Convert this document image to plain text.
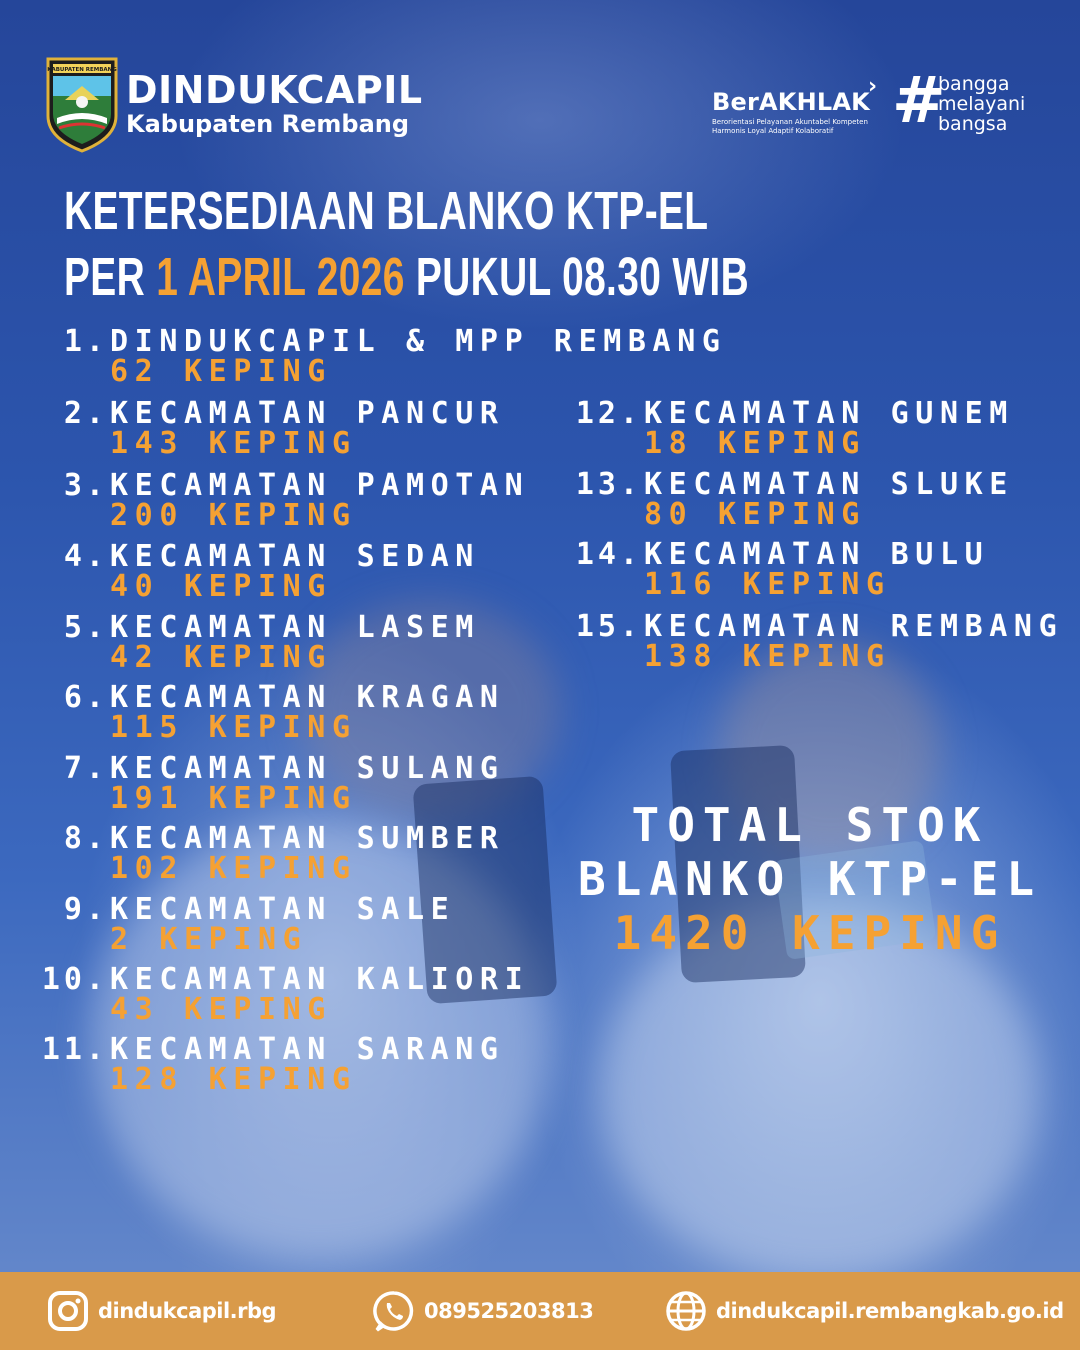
KABUPATEN REMBANG DINDUKCAPIL
Kabupaten Rembang
BerAKHLAK
›
Berorientasi Pelayanan Akuntabel Kompeten
Harmonis Loyal Adaptif Kolaboratif #
bangga
melayani
bangsa
KETERSEDIAAN BLANKO KTP-EL
PER 1 APRIL 2026 PUKUL 08.30 WIB
1. DINDUKCAPIL & MPP REMBANG
62 KEPING
2. KECAMATAN PANCUR
143 KEPING
3. KECAMATAN PAMOTAN
200 KEPING
4. KECAMATAN SEDAN
40 KEPING
5. KECAMATAN LASEM
42 KEPING
6. KECAMATAN KRAGAN
115 KEPING
7. KECAMATAN SULANG
191 KEPING
8. KECAMATAN SUMBER
102 KEPING
9. KECAMATAN SALE
2 KEPING
10. KECAMATAN KALIORI
43 KEPING
11. KECAMATAN SARANG
128 KEPING
12. KECAMATAN GUNEM
18 KEPING
13. KECAMATAN SLUKE
80 KEPING
14. KECAMATAN BULU
116 KEPING
15. KECAMATAN REMBANG
138 KEPING
TOTAL STOK
BLANKO KTP-EL
1420 KEPING
dindukcapil.rbg	089525203813	dindukcapil.rembangkab.go.id
